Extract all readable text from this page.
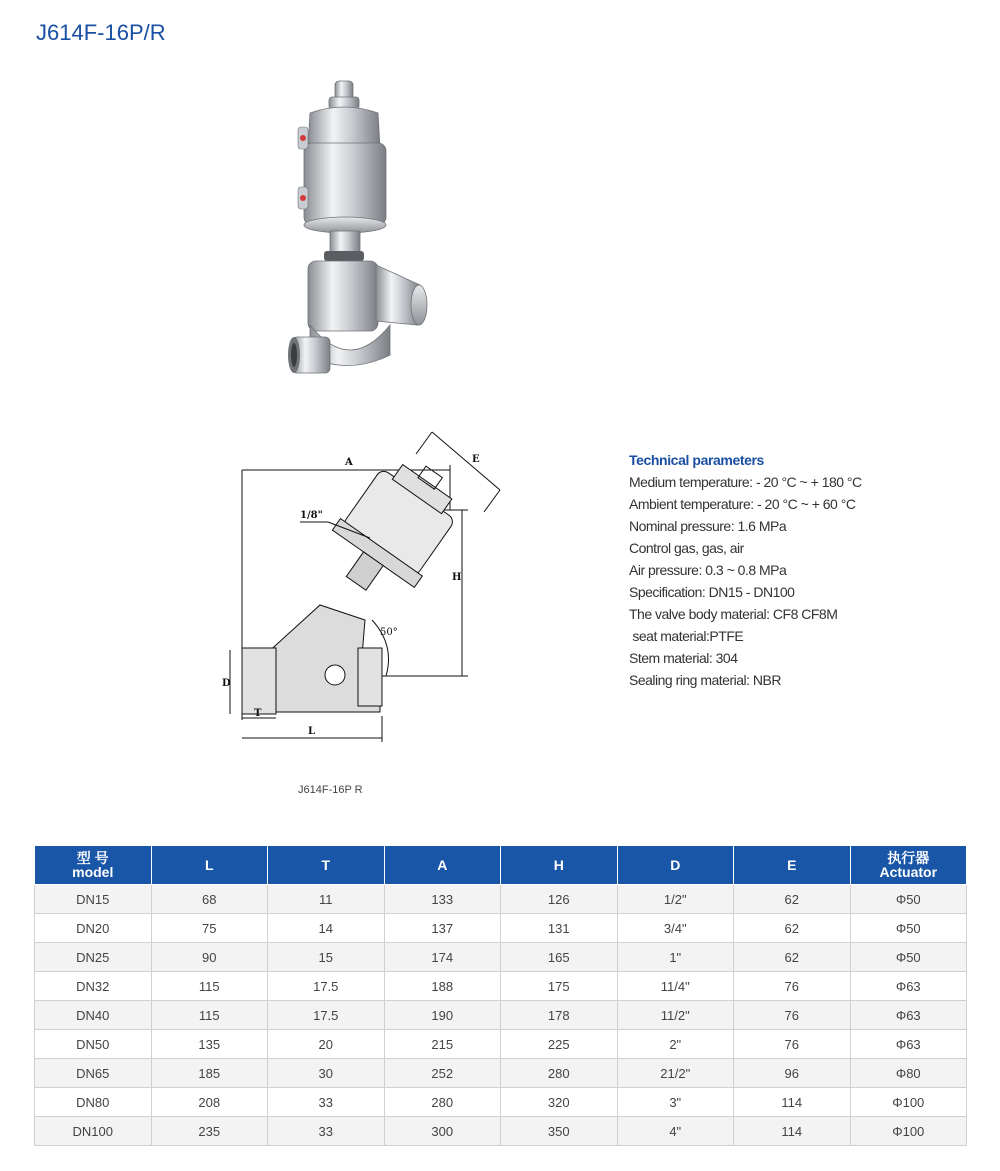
J614F-16P/R
A	E
H
D
T
L
1/8"
50°
J614F-16P R
Technical parameters
Medium temperature: - 20 °C ~ + 180 °C
Ambient temperature: - 20 °C ~ + 60 °C
Nominal pressure: 1.6 MPa
Control gas, gas, air
Air pressure: 0.3 ~ 0.8 MPa
Specification: DN15 - DN100
The valve body material: CF8 CF8M
seat material:PTFE
Stem material: 304
Sealing ring material: NBR
型 号
model	L	T	A	H	D	E	执行器
Actuator

DN15	68	11	133	126	1/2"	62	Φ50
DN20	75	14	137	131	3/4"	62	Φ50
DN25	90	15	174	165	1"	62	Φ50
DN32	115	17.5	188	175	11/4"	76	Φ63
DN40	115	17.5	190	178	11/2"	76	Φ63
DN50	135	20	215	225	2"	76	Φ63
DN65	185	30	252	280	21/2"	96	Φ80
DN80	208	33	280	320	3"	114	Φ100
DN100	235	33	300	350	4"	114	Φ100
